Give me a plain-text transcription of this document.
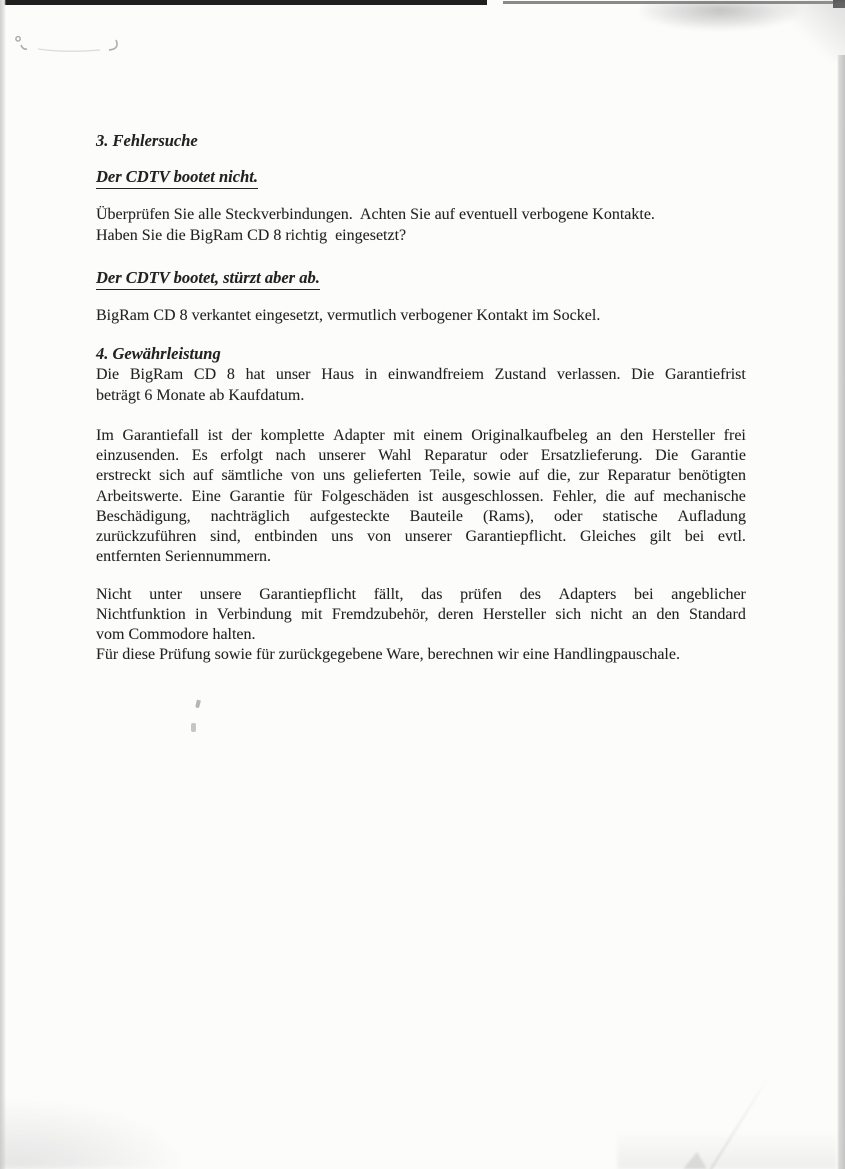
3. Fehlersuche
Der CDTV bootet nicht.
Überprüfen Sie alle Steckverbindungen.  Achten Sie auf eventuell verbogene Kontakte.
Haben Sie die BigRam CD 8 richtig  eingesetzt?
Der CDTV bootet, stürzt aber ab.
BigRam CD 8 verkantet eingesetzt, vermutlich verbogener Kontakt im Sockel.
4. Gewährleistung
Die BigRam CD 8 hat unser Haus in einwandfreiem Zustand verlassen. Die Garantiefrist
beträgt 6 Monate ab Kaufdatum.
Im Garantiefall ist der komplette Adapter mit einem Originalkaufbeleg an den Hersteller frei
einzusenden. Es erfolgt nach unserer Wahl Reparatur oder Ersatzlieferung. Die Garantie
erstreckt sich auf sämtliche von uns gelieferten Teile, sowie auf die, zur Reparatur benötigten
Arbeitswerte. Eine Garantie für Folgeschäden ist ausgeschlossen. Fehler, die auf mechanische
Beschädigung, nachträglich aufgesteckte Bauteile (Rams), oder statische Aufladung
zurückzuführen sind, entbinden uns von unserer Garantiepflicht. Gleiches gilt bei evtl.
entfernten Seriennummern.
Nicht unter unsere Garantiepflicht fällt, das prüfen des Adapters bei angeblicher
Nichtfunktion in Verbindung mit Fremdzubehör, deren Hersteller sich nicht an den Standard
vom Commodore halten.
Für diese Prüfung sowie für zurückgegebene Ware, berechnen wir eine Handlingpauschale.
